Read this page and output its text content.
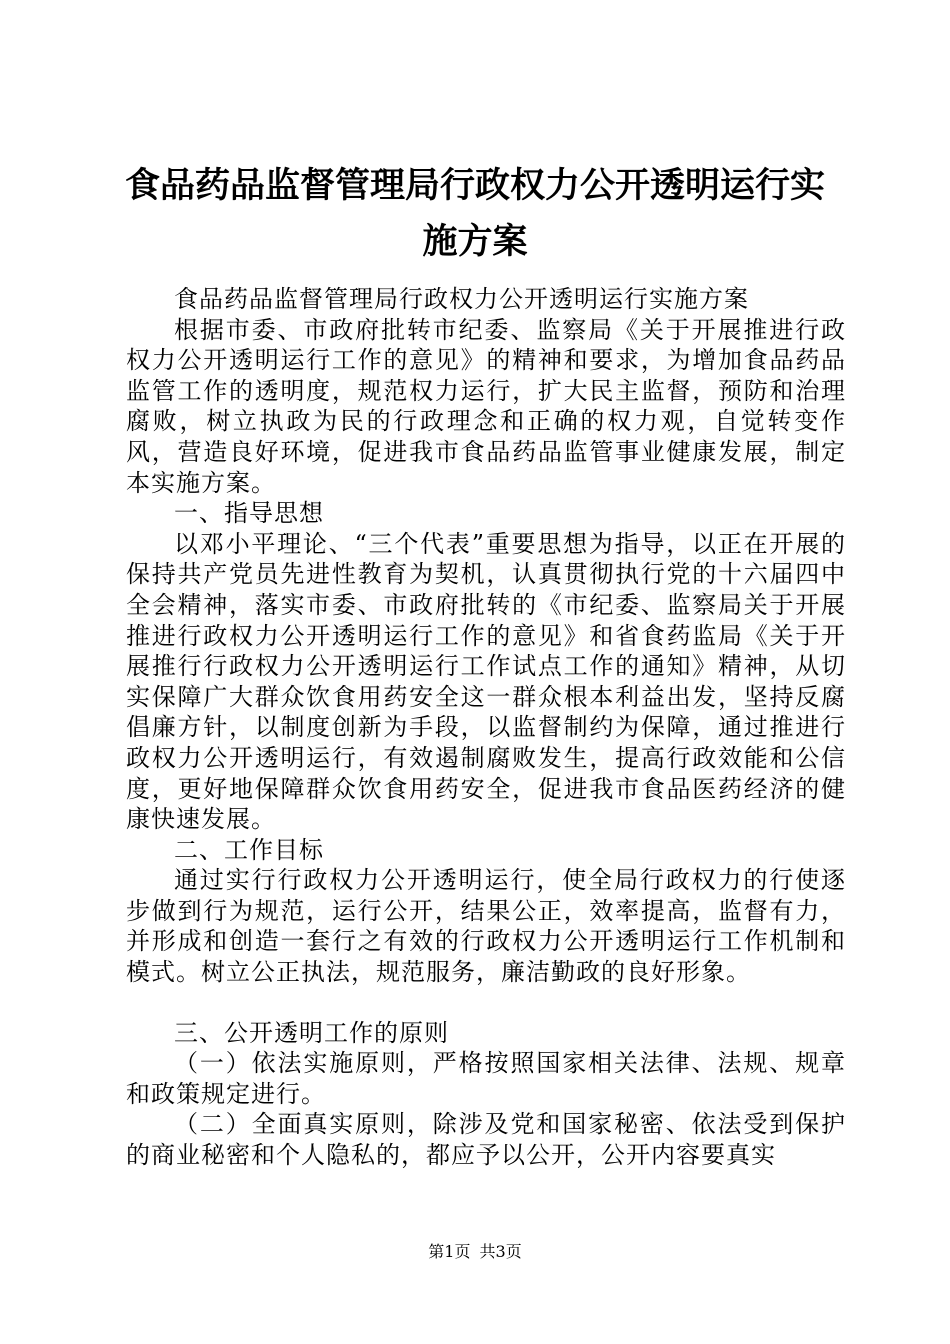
食品药品监督管理局行政权力公开透明运行实
施方案

食品药品监督管理局行政权力公开透明运行实施方案

根据市委、市政府批转市纪委、监察局《关于开展推进行政权力公开透明运行工作的意见》的精神和要求，为增加食品药品监管工作的透明度，规范权力运行，扩大民主监督，预防和治理腐败，树立执政为民的行政理念和正确的权力观，自觉转变作风，营造良好环境，促进我市食品药品监管事业健康发展，制定本实施方案。

一、指导思想

以邓小平理论、“三个代表”重要思想为指导，以正在开展的保持共产党员先进性教育为契机，认真贯彻执行党的十六届四中全会精神，落实市委、市政府批转的《市纪委、监察局关于开展推进行政权力公开透明运行工作的意见》和省食药监局《关于开展推行行政权力公开透明运行工作试点工作的通知》精神，从切实保障广大群众饮食用药安全这一群众根本利益出发，坚持反腐倡廉方针，以制度创新为手段，以监督制约为保障，通过推进行政权力公开透明运行，有效遏制腐败发生，提高行政效能和公信度，更好地保障群众饮食用药安全，促进我市食品医药经济的健康快速发展。

二、工作目标

通过实行行政权力公开透明运行，使全局行政权力的行使逐步做到行为规范，运行公开，结果公正，效率提高，监督有力，并形成和创造一套行之有效的行政权力公开透明运行工作机制和模式。树立公正执法，规范服务，廉洁勤政的良好形象。

三、公开透明工作的原则

（一）依法实施原则，严格按照国家相关法律、法规、规章和政策规定进行。

（二）全面真实原则，除涉及党和国家秘密、依法受到保护的商业秘密和个人隐私的，都应予以公开，公开内容要真实

第1页 共3页
